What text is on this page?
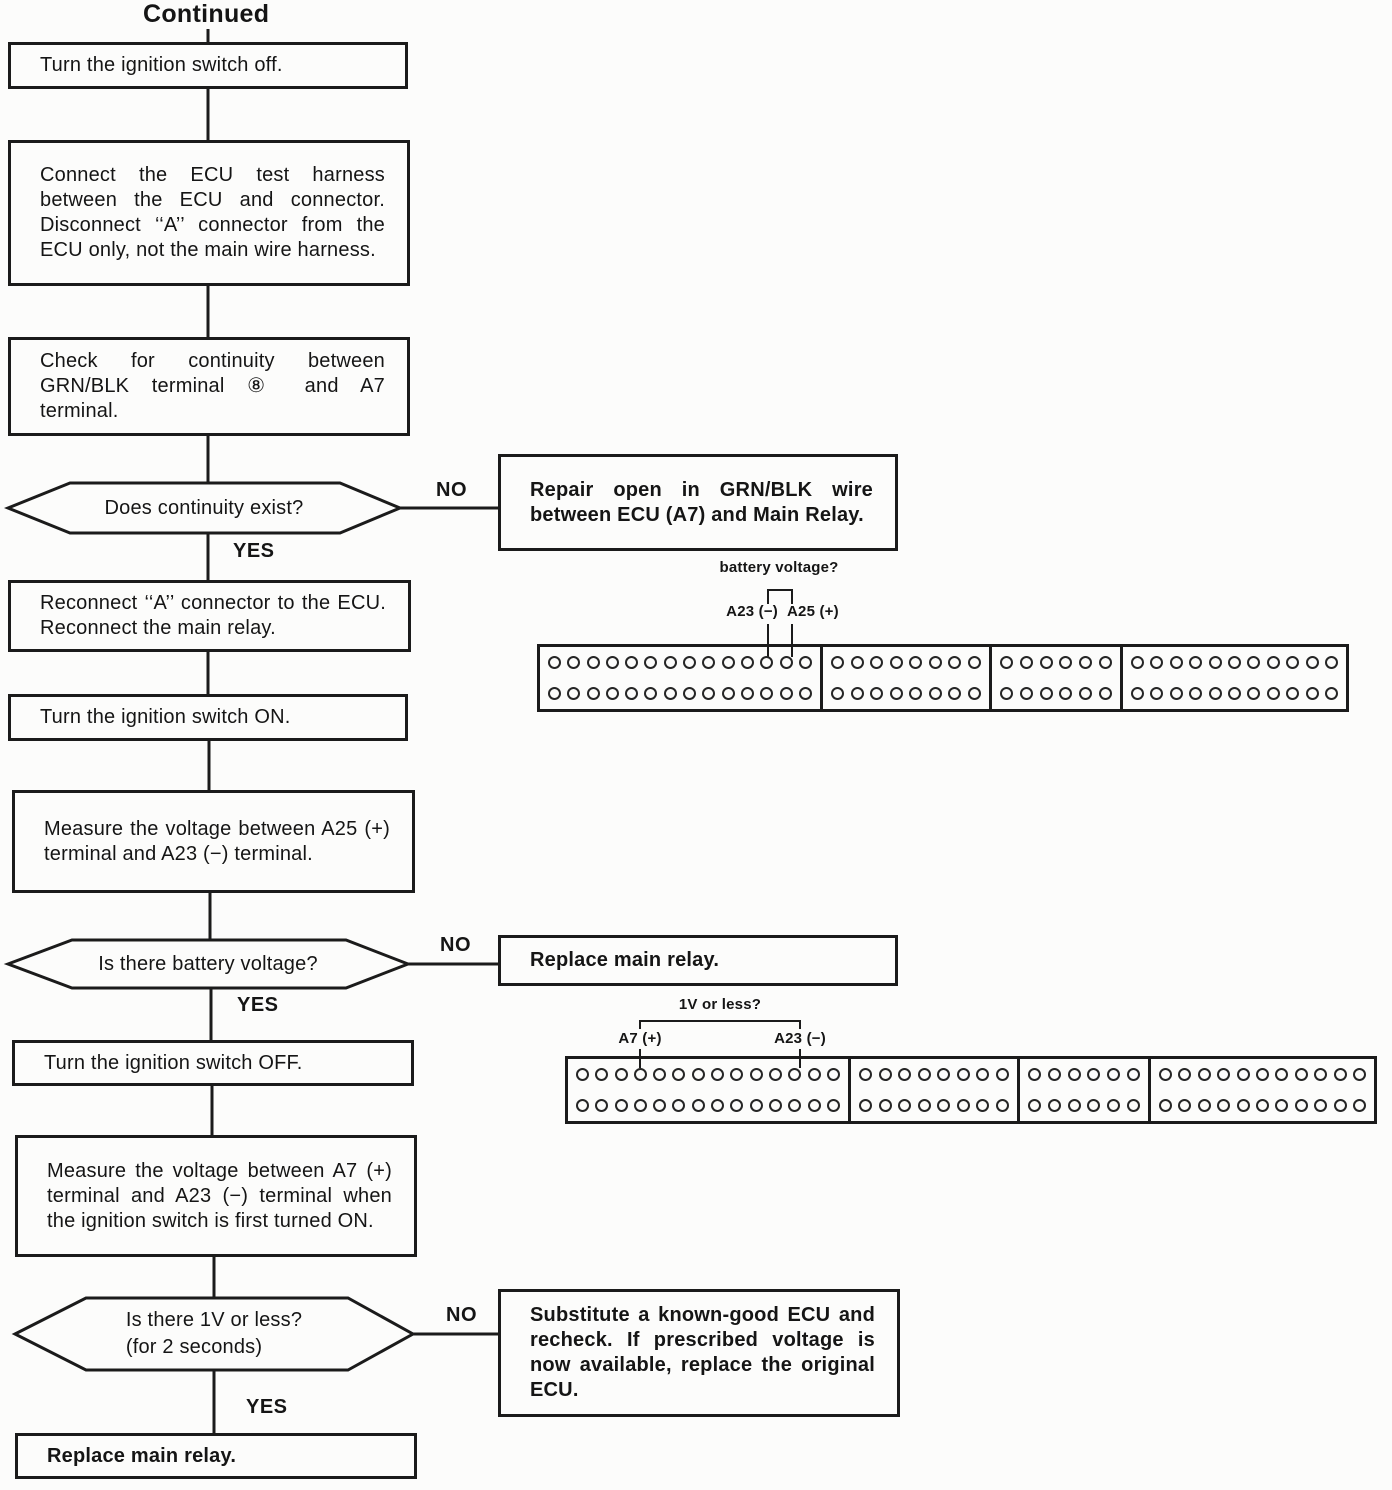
Continued
Turn the ignition switch off.
Connect the ECU test harness between the ECU and connector. Disconnect ‘‘A’’ connector from the ECU only, not the main wire harness.
Check for continuity between GRN/BLK terminal ⑧ and A7 terminal.
Does continuity exist?
NO
YES
Repair open in GRN/BLK wire between ECU (A7) and Main Relay.
Reconnect ‘‘A’’ connector to the ECU. Reconnect the main relay.
Turn the ignition switch ON.
Measure the voltage between A25 (+) terminal and A23 (−) terminal.
Is there battery voltage?
NO
YES
Replace main relay.
Turn the ignition switch OFF.
Measure the voltage between A7 (+) terminal and A23 (−) terminal when the ignition switch is first turned ON.
Is there 1V or less?
(for 2 seconds)
NO
YES
Substitute a known-good ECU and recheck. If prescribed voltage is now available, replace the original ECU.
Replace main relay.
battery voltage?
A23 (−) A25 (+)
1V or less?
A7 (+)	A23 (−)
